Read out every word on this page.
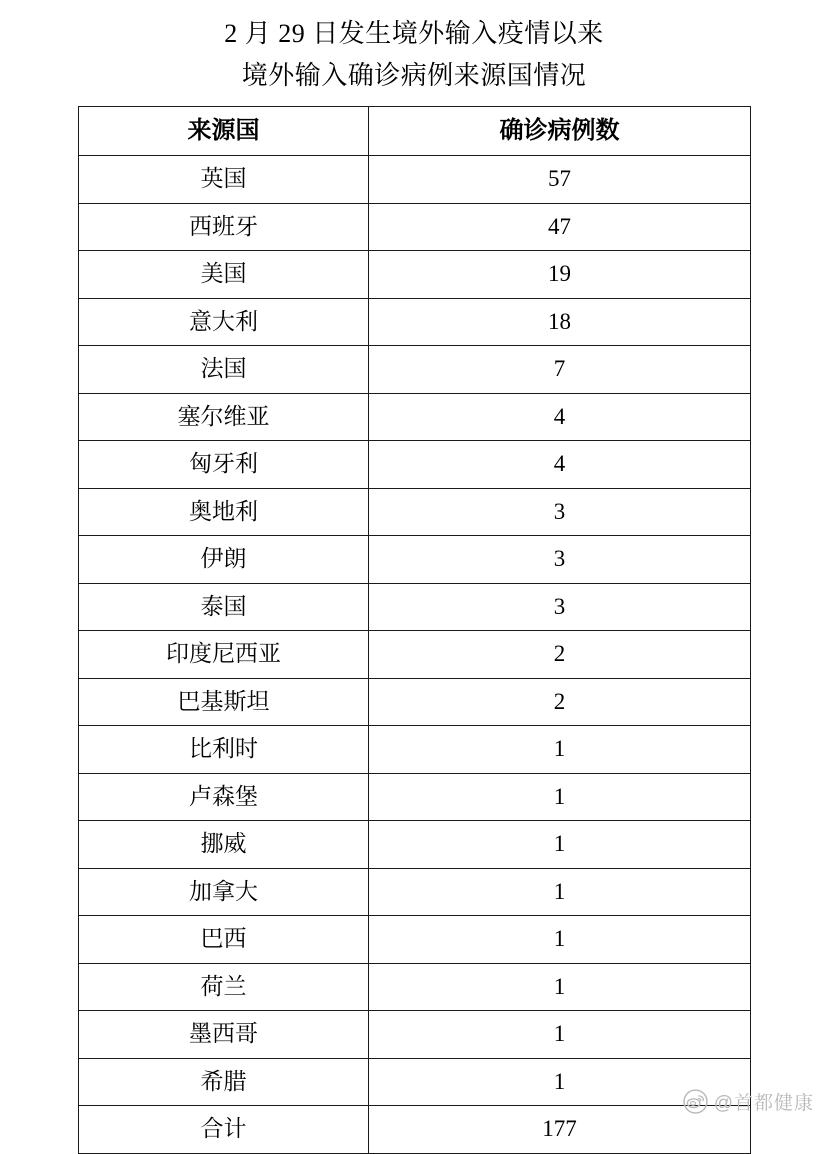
2 月 29 日发生境外输入疫情以来
境外输入确诊病例来源国情况
来源国	确诊病例数
英国	57
西班牙	47
美国	19
意大利	18
法国	7
塞尔维亚	4
匈牙利	4
奥地利	3
伊朗	3
泰国	3
印度尼西亚	2
巴基斯坦	2
比利时	1
卢森堡	1
挪威	1
加拿大	1
巴西	1
荷兰	1
墨西哥	1
希腊	1
合计	177
@首都健康
